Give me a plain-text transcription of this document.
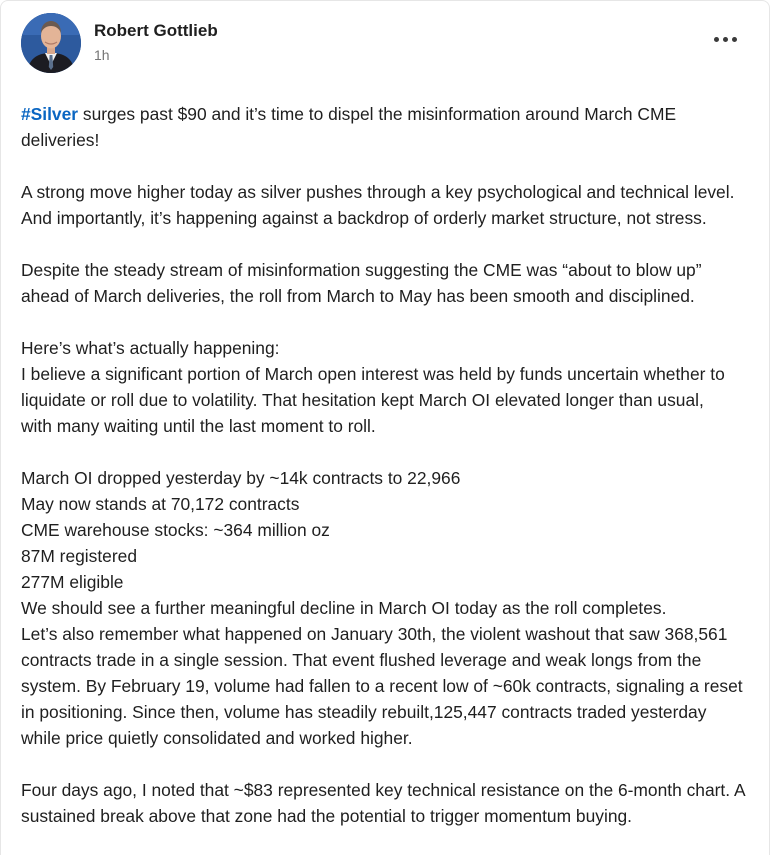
Robert Gottlieb
1h
#Silver surges past $90 and it’s time to dispel the misinformation around March CME
deliveries!
A strong move higher today as silver pushes through a key psychological and technical level.
And importantly, it’s happening against a backdrop of orderly market structure, not stress.
Despite the steady stream of misinformation suggesting the CME was “about to blow up”
ahead of March deliveries, the roll from March to May has been smooth and disciplined.
Here’s what’s actually happening:
I believe a significant portion of March open interest was held by funds uncertain whether to
liquidate or roll due to volatility. That hesitation kept March OI elevated longer than usual,
with many waiting until the last moment to roll.
March OI dropped yesterday by ~14k contracts to 22,966
May now stands at 70,172 contracts
CME warehouse stocks: ~364 million oz
87M registered
277M eligible
We should see a further meaningful decline in March OI today as the roll completes.
Let’s also remember what happened on January 30th, the violent washout that saw 368,561
contracts trade in a single session. That event flushed leverage and weak longs from the
system. By February 19, volume had fallen to a recent low of ~60k contracts, signaling a reset
in positioning. Since then, volume has steadily rebuilt,125,447 contracts traded yesterday
while price quietly consolidated and worked higher.
Four days ago, I noted that ~$83 represented key technical resistance on the 6-month chart. A
sustained break above that zone had the potential to trigger momentum buying.
